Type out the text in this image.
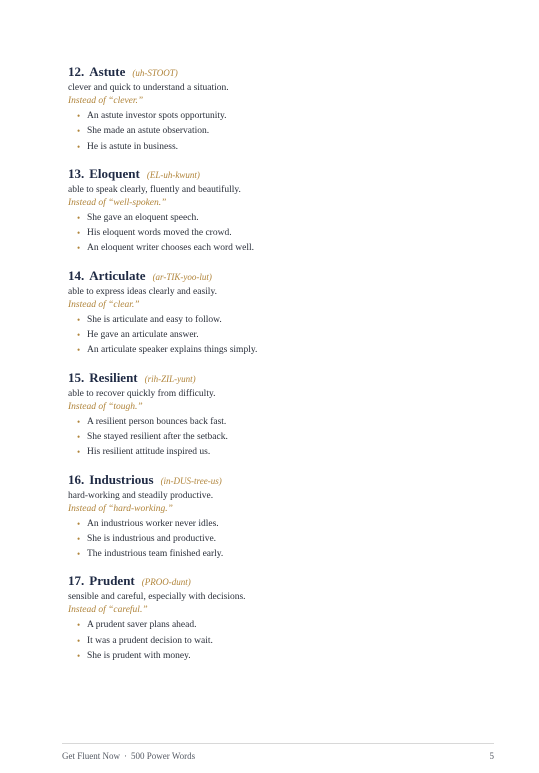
12. Astute (uh-STOOT)
clever and quick to understand a situation.
Instead of “clever.”
• An astute investor spots opportunity.
• She made an astute observation.
• He is astute in business.
13. Eloquent (EL-uh-kwunt)
able to speak clearly, fluently and beautifully.
Instead of “well-spoken.”
• She gave an eloquent speech.
• His eloquent words moved the crowd.
• An eloquent writer chooses each word well.
14. Articulate (ar-TIK-yoo-lut)
able to express ideas clearly and easily.
Instead of “clear.”
• She is articulate and easy to follow.
• He gave an articulate answer.
• An articulate speaker explains things simply.
15. Resilient (rih-ZIL-yunt)
able to recover quickly from difficulty.
Instead of “tough.”
• A resilient person bounces back fast.
• She stayed resilient after the setback.
• His resilient attitude inspired us.
16. Industrious (in-DUS-tree-us)
hard-working and steadily productive.
Instead of “hard-working.”
• An industrious worker never idles.
• She is industrious and productive.
• The industrious team finished early.
17. Prudent (PROO-dunt)
sensible and careful, especially with decisions.
Instead of “careful.”
• A prudent saver plans ahead.
• It was a prudent decision to wait.
• She is prudent with money.
Get Fluent Now · 500 Power Words	5
